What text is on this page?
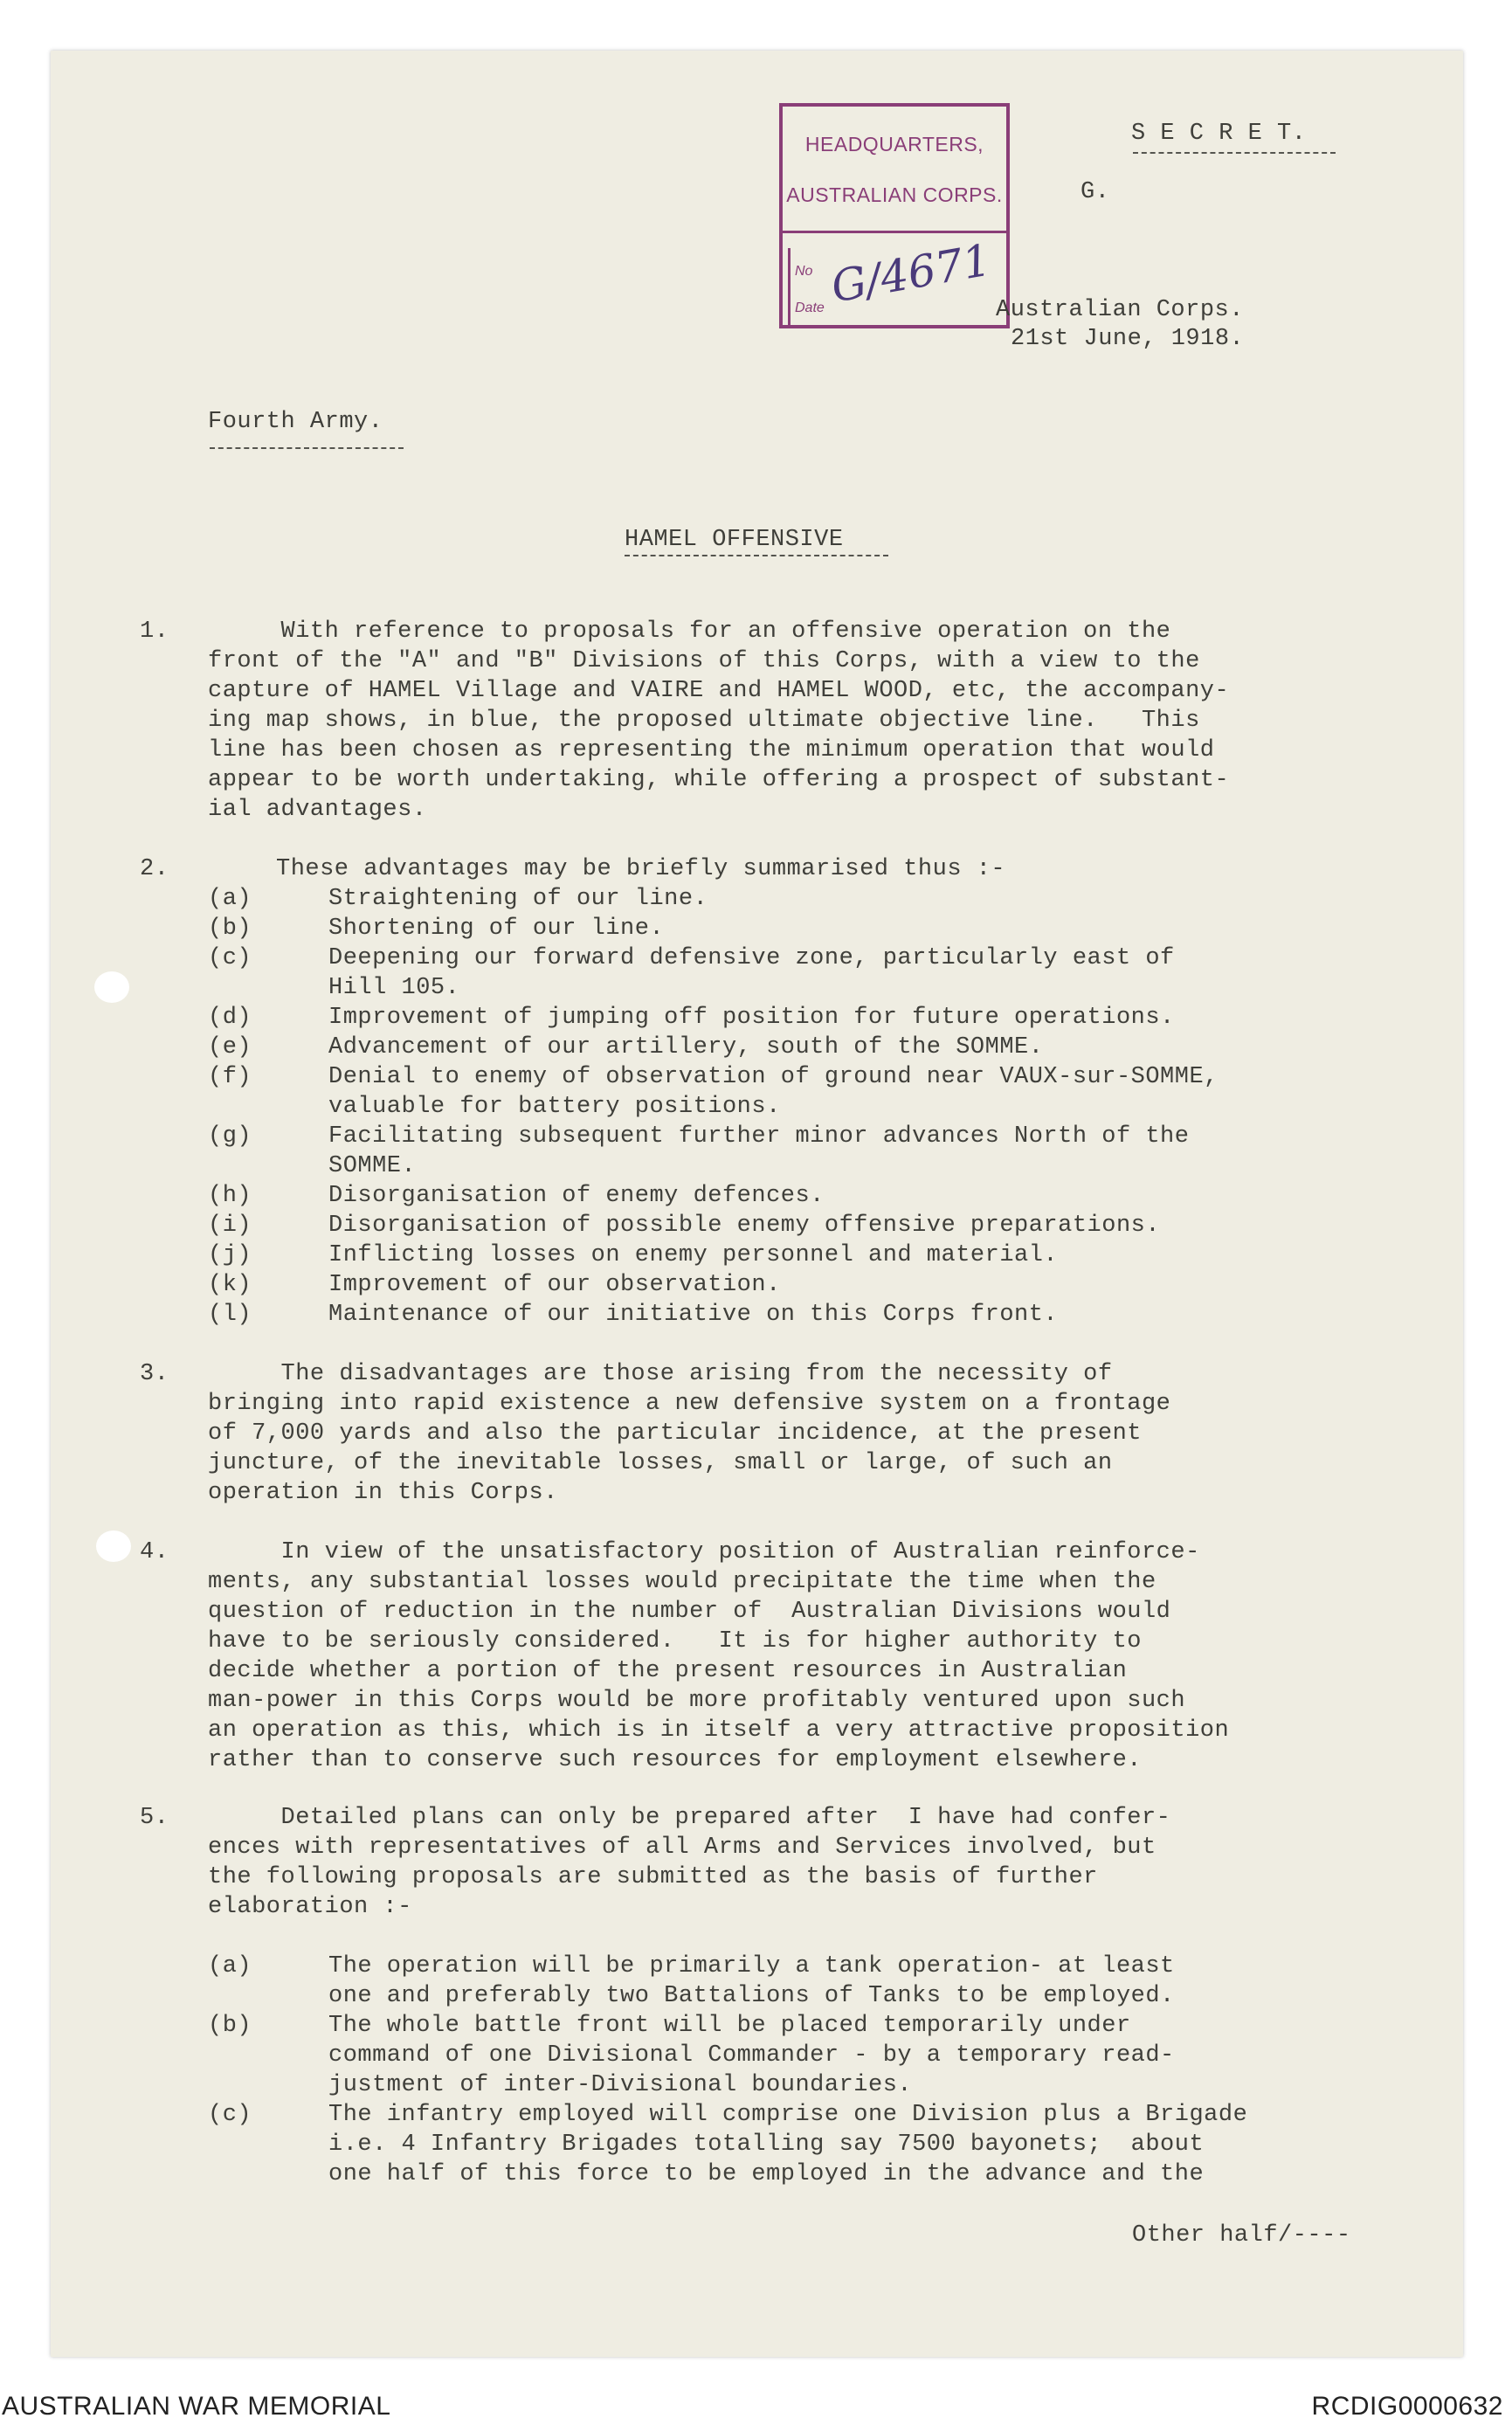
HEADQUARTERS,
AUSTRALIAN CORPS.
No
Date G/4671
S E C R E T.
G.
Australian Corps.
21st June, 1918.
Fourth Army.
HAMEL OFFENSIVE
1. With reference to proposals for an offensive operation on the
front of the "A" and "B" Divisions of this Corps, with a view to the
capture of HAMEL Village and VAIRE and HAMEL WOOD, etc, the accompany-
ing map shows, in blue, the proposed ultimate objective line.   This
line has been chosen as representing the minimum operation that would
appear to be worth undertaking, while offering a prospect of substant-
ial advantages.
2.	These advantages may be briefly summarised thus :-
(a)	Straightening of our line.
(b)	Shortening of our line.
(c)	Deepening our forward defensive zone, particularly east of
Hill 105.
(d)	Improvement of jumping off position for future operations.
(e)	Advancement of our artillery, south of the SOMME.
(f)	Denial to enemy of observation of ground near VAUX-sur-SOMME,
valuable for battery positions.
(g)	Facilitating subsequent further minor advances North of the
SOMME.
(h)	Disorganisation of enemy defences.
(i)	Disorganisation of possible enemy offensive preparations.
(j)	Inflicting losses on enemy personnel and material.
(k)	Improvement of our observation.
(l)	Maintenance of our initiative on this Corps front.
3. The disadvantages are those arising from the necessity of
bringing into rapid existence a new defensive system on a frontage
of 7,000 yards and also the particular incidence, at the present
juncture, of the inevitable losses, small or large, of such an
operation in this Corps.
4. In view of the unsatisfactory position of Australian reinforce-
ments, any substantial losses would precipitate the time when the
question of reduction in the number of  Australian Divisions would
have to be seriously considered.   It is for higher authority to
decide whether a portion of the present resources in Australian
man-power in this Corps would be more profitably ventured upon such
an operation as this, which is in itself a very attractive proposition
rather than to conserve such resources for employment elsewhere.
5. Detailed plans can only be prepared after  I have had confer-
ences with representatives of all Arms and Services involved, but
the following proposals are submitted as the basis of further
elaboration :-
(a)	The operation will be primarily a tank operation- at least
one and preferably two Battalions of Tanks to be employed.
(b)	The whole battle front will be placed temporarily under
command of one Divisional Commander - by a temporary read-
justment of inter-Divisional boundaries.
(c)	The infantry employed will comprise one Division plus a Brigade
i.e. 4 Infantry Brigades totalling say 7500 bayonets;  about
one half of this force to be employed in the advance and the
Other half/----
AUSTRALIAN WAR MEMORIAL	RCDIG0000632
